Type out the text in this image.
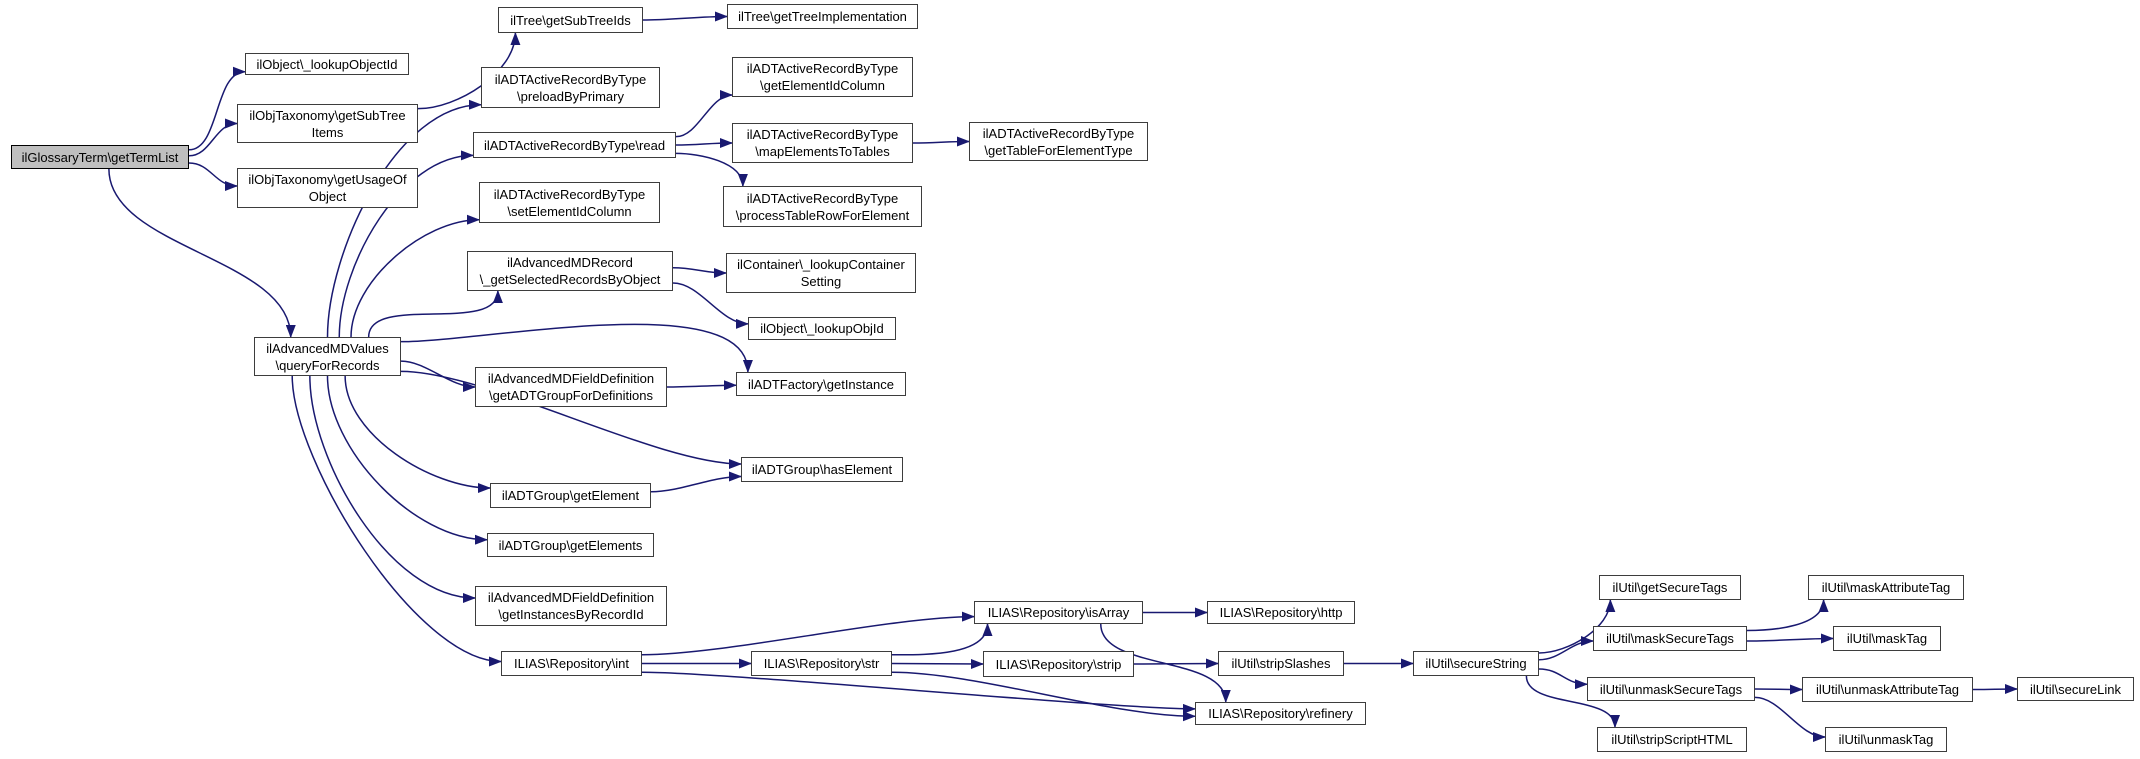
ilGlossaryTerm\getTermList
ilObject\_lookupObjectId
ilObjTaxonomy\getSubTree
Items
ilObjTaxonomy\getUsageOf
Object
ilAdvancedMDValues
\queryForRecords
ilTree\getSubTreeIds	ilTree\getTreeImplementation
ilADTActiveRecordByType
\preloadByPrimary
ilADTActiveRecordByType\read
ilADTActiveRecordByType
\setElementIdColumn
ilADTActiveRecordByType
\getElementIdColumn
ilADTActiveRecordByType
\mapElementsToTables
ilADTActiveRecordByType
\processTableRowForElement
ilADTActiveRecordByType
\getTableForElementType
ilAdvancedMDRecord
\_getSelectedRecordsByObject
ilContainer\_lookupContainer
Setting
ilObject\_lookupObjId
ilAdvancedMDFieldDefinition
\getADTGroupForDefinitions
ilADTFactory\getInstance
ilADTGroup\hasElement
ilADTGroup\getElement
ilADTGroup\getElements
ilAdvancedMDFieldDefinition
\getInstancesByRecordId
ILIAS\Repository\int	ILIAS\Repository\str
ILIAS\Repository\isArray	ILIAS\Repository\http
ILIAS\Repository\strip	ilUtil\stripSlashes
ILIAS\Repository\refinery
ilUtil\secureString
ilUtil\getSecureTags
ilUtil\maskSecureTags
ilUtil\unmaskSecureTags
ilUtil\stripScriptHTML
ilUtil\maskAttributeTag
ilUtil\maskTag
ilUtil\unmaskAttributeTag	ilUtil\secureLink
ilUtil\unmaskTag
